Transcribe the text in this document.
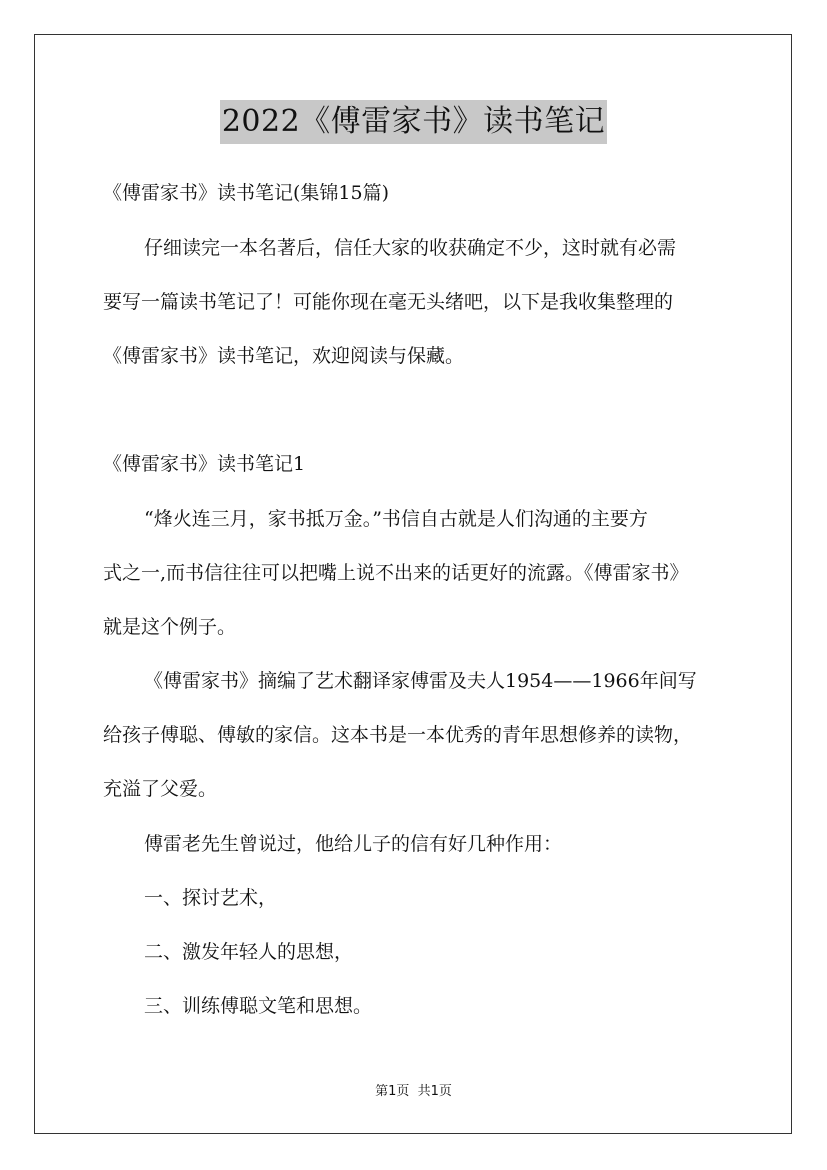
2022《傅雷家书》读书笔记
《傅雷家书》读书笔记(集锦15篇)
仔细读完一本名著后，信任大家的收获确定不少，这时就有必需
要写一篇读书笔记了！可能你现在毫无头绪吧，以下是我收集整理的
《傅雷家书》读书笔记，欢迎阅读与保藏。
《傅雷家书》读书笔记1
“烽火连三月，家书抵万金。”书信自古就是人们沟通的主要方
式之一,而书信往往可以把嘴上说不出来的话更好的流露。《傅雷家书》
就是这个例子。
《傅雷家书》摘编了艺术翻译家傅雷及夫人1954——1966年间写
给孩子傅聪、傅敏的家信。这本书是一本优秀的青年思想修养的读物，
充溢了父爱。
傅雷老先生曾说过，他给儿子的信有好几种作用：
一、探讨艺术，
二、激发年轻人的思想，
三、训练傅聪文笔和思想。
第1页  共1页
